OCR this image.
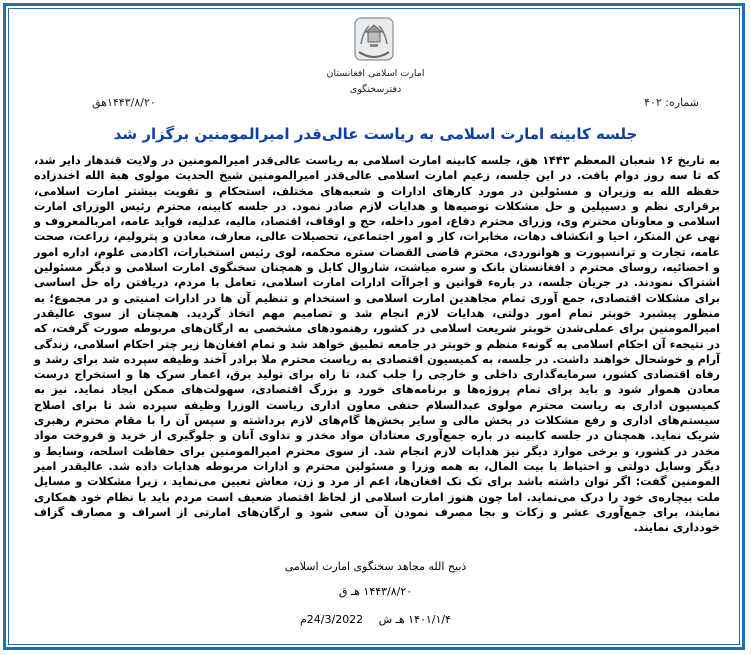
امارت اسلامی افغانستان
دفترسخنگوی
شماره: ۴۰۲
۱۴۴۳/۸/۲۰هق
جلسه کابینه امارت اسلامی به ریاست عالی‌قدر امیرالمومنین برگزار شد
به تاریخ ۱۶ شعبان المعظم ۱۴۴۳ هق، جلسه کابینه امارت اسلامی به ریاست عالی‌قدر امیرالمومنین در ولایت قندهار دایر شد، که تا سه روز دوام یافت. در این جلسه، زعیم امارت اسلامی عالی‌قدر امیرالمومنین شیخ الحدیث مولوی هبة الله اخندزاده حفظه الله به وزیران و مسئولین در مورد کارهای ادارات و شعبه‌های مختلف، استحکام و تقویت بیشتر امارت اسلامی، برقراری نظم و دسیپلین و حل مشکلات توصیه‌ها و هدایات لازم صادر نمود. در جلسه کابینه، محترم رئیس الوزرای امارت اسلامی و معاونان محترم وی، وزرای محترم دفاع، امور داخله، حج و اوقاف، اقتصاد، مالیه، عدلیه، فواید عامه، امربالمعروف و نهی عن المنکر، احیا و انکشاف دهات، مخابرات، کار و امور اجتماعی، تحصیلات عالی، معارف، معادن و پترولیم، زراعت، صحت عامه، تجارت و ترانسپورت و هوانوردی، محترم قاضی القضات ستره محکمه، لوی رئیس استخبارات، اکادمی علوم، اداره امور و احصائیه، روسای محترم د افغانستان بانک و سره میاشت، شاروال کابل و همچنان سخنگوی امارت اسلامی و دیگر مسئولین اشتراک نمودند. در جریان جلسه، در بارهء قوانین و اجراآت ادارات امارت اسلامی، تعامل با مردم، دریافتن راه حل اساسی برای مشکلات اقتصادی، جمع آوری تمام مجاهدین امارت اسلامی و استخدام و تنظیم آن ها در ادارات امنیتی و در مجموع؛ به منظور پیشبرد خوبتر تمام امور دولتی، هدایات لازم انجام شد و تصامیم مهم اتخاذ گردید. همچنان از سوی عالیقدر امیرالمومنین برای عملی‌شدن خوبتر شریعت اسلامی در کشور، رهنمودهای مشخصی به ارگان‌های مربوطه صورت گرفت، که در نتیجهء آن احکام اسلامی به گونهء منظم و خوبتر در جامعه تطبیق خواهد شد و تمام افغان‌ها زیر چتر احکام اسلامی، زندگی آرام و خوشحال خواهند داشت. در جلسه، به کمیسیون اقتصادی به ریاست محترم ملا برادر آخند وظیفه سپرده شد برای رشد و رفاه اقتصادی کشور، سرمایه‌گذاری داخلی و خارجی را جلب کند، تا راه برای تولید برق، اعمار سرک ها و استخراج درست معادن هموار شود و باید برای تمام پروژه‌ها و برنامه‌های خورد و بزرگ اقتصادی، سهولت‌های ممکن ایجاد نماید. نیز به کمیسیون اداری به ریاست محترم مولوی عبدالسلام حنفی معاون اداری ریاست الوزرا وظیفه سپرده شد تا برای اصلاح سیستم‌های اداری و رفع مشکلات در بخش مالی و سایر بخش‌ها گام‌های لازم برداشته و سپس آن را با مقام محترم رهبری شریک نماید. همچنان در جلسه کابینه در باره جمع‌آوری معتادان مواد مخدر و تداوی آنان و جلوگیری از خرید و فروخت مواد مخدر در کشور، و برخی موارد دیگر نیز هدایات لازم انجام شد. از سوی محترم امیرالمومنین برای حفاظت اسلحه، وسایط و دیگر وسایل دولتی و احتیاط با بیت المال، به همه وزرا و مسئولین محترم و ادارات مربوطه هدایات داده شد. عالیقدر امیر المومنین گفت: اگر توان داشته باشد برای تک تک افغان‌ها، اعم از مرد و زن، معاش تعیین می‌نماید ، زیرا مشکلات و مسایل ملت بیچاره‌ی خود را درک می‌نماید. اما چون هنوز امارت اسلامی از لحاظ اقتصاد ضعیف است مردم باید با نظام خود همکاری نمایند، برای جمع‌آوری عشر و زکات و بجا مصرف نمودن آن سعی شود و ارگان‌های امارتی از اسراف و مصارف گزاف خودداری نمایند.
ذبیح الله مجاهد سخنگوی امارت اسلامی
۱۴۴۳/۸/۲۰ هـ ق
۱۴۰۱/۱/۴ هـ ش 24/3/2022م
